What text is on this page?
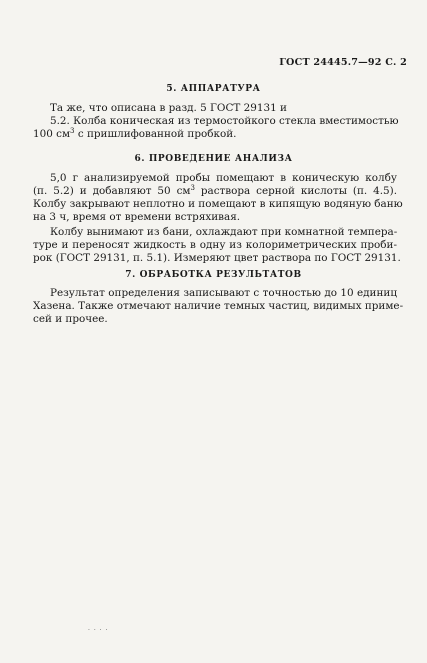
ГОСТ 24445.7—92 С. 2
5. АППАРАТУРА
Та же, что описана в разд. 5 ГОСТ 29131 и
5.2. Колба коническая из термостойкого стекла вместимостью
100 $см^3$ с пришлифованной пробкой.
6. ПРОВЕДЕНИЕ АНАЛИЗА
5,0 г анализируемой пробы помещают в коническую колбу
(п. 5.2) и добавляют 50 $см^3$ раствора серной кислоты (п. 4.5).
Колбу закрывают неплотно и помещают в кипящую водяную баню
на 3 ч, время от времени встряхивая.
Колбу вынимают из бани, охлаждают при комнатной темпера-
туре и переносят жидкость в одну из колориметрических проби-
рок (ГОСТ 29131, п. 5.1). Измеряют цвет раствора по ГОСТ 29131.
7. ОБРАБОТКА РЕЗУЛЬТАТОВ
Результат определения записывают с точностью до 10 единиц
Хазена. Также отмечают наличие темных частиц, видимых приме-
сей и прочее.
· · · ·
